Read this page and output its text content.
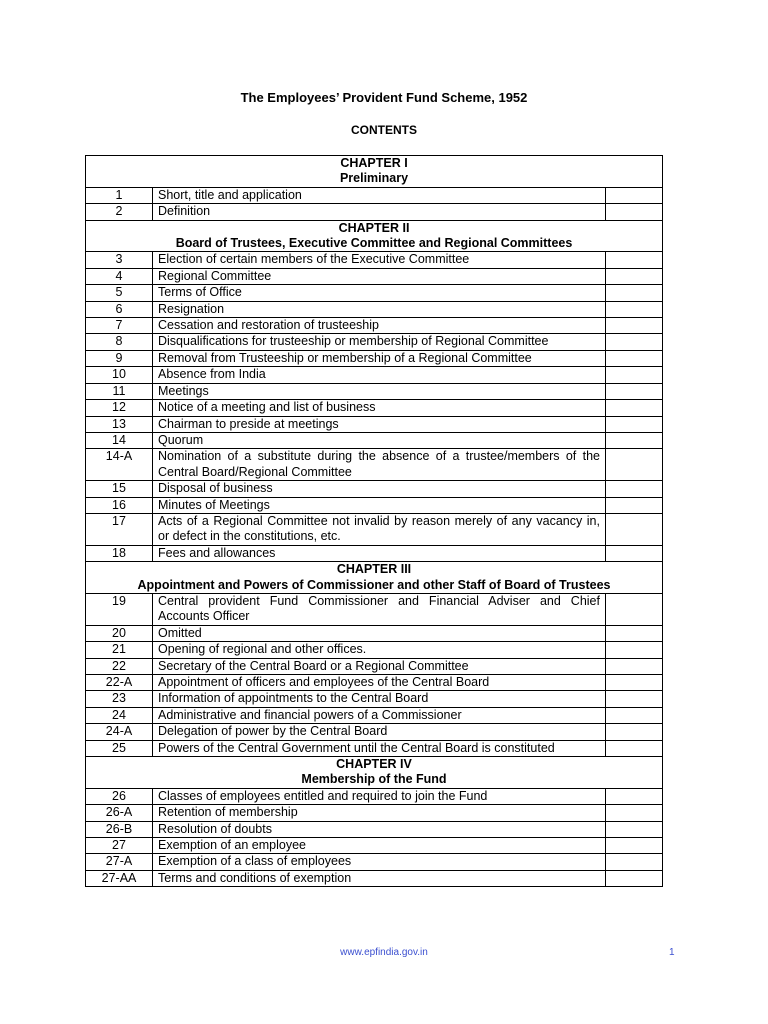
The Employees’ Provident Fund Scheme, 1952
CONTENTS
CHAPTER I
Preliminary		

1	Short, title and application	
2	Definition	

CHAPTER II
Board of Trustees, Executive Committee and Regional Committees		

3	Election of certain members of the Executive Committee	
4	Regional Committee	
5	Terms of Office	
6	Resignation	
7	Cessation and restoration of trusteeship	
8	Disqualifications for trusteeship or membership of Regional Committee	
9	Removal from Trusteeship or membership of a Regional Committee	
10	Absence from India	
11	Meetings	
12	Notice of a meeting and list of business	
13	Chairman to preside at meetings	
14	Quorum	
14-A	Nomination of a substitute during the absence of a trustee/members of the Central Board/Regional Committee	
15	Disposal of business	
16	Minutes of Meetings	
17	Acts of a Regional Committee not invalid by reason merely of any vacancy in, or defect in the constitutions, etc.	
18	Fees and allowances	

CHAPTER III
Appointment and Powers of Commissioner and other Staff of Board of Trustees		

19	Central provident Fund Commissioner and Financial Adviser and Chief Accounts Officer	
20	Omitted	
21	Opening of regional and other offices.	
22	Secretary of the Central Board or a Regional Committee	
22-A	Appointment of officers and employees of the Central Board	
23	Information of appointments to the Central Board	
24	Administrative and financial powers of a Commissioner	
24-A	Delegation of power by the Central Board	
25	Powers of the Central Government until the Central Board is constituted	

CHAPTER IV
Membership of the Fund		

26	Classes of employees entitled and required to join the Fund	
26-A	Retention of membership	
26-B	Resolution of doubts	
27	Exemption of an employee	
27-A	Exemption of a class of employees	
27-AA	Terms and conditions of exemption	
www.epfindia.gov.in	1
